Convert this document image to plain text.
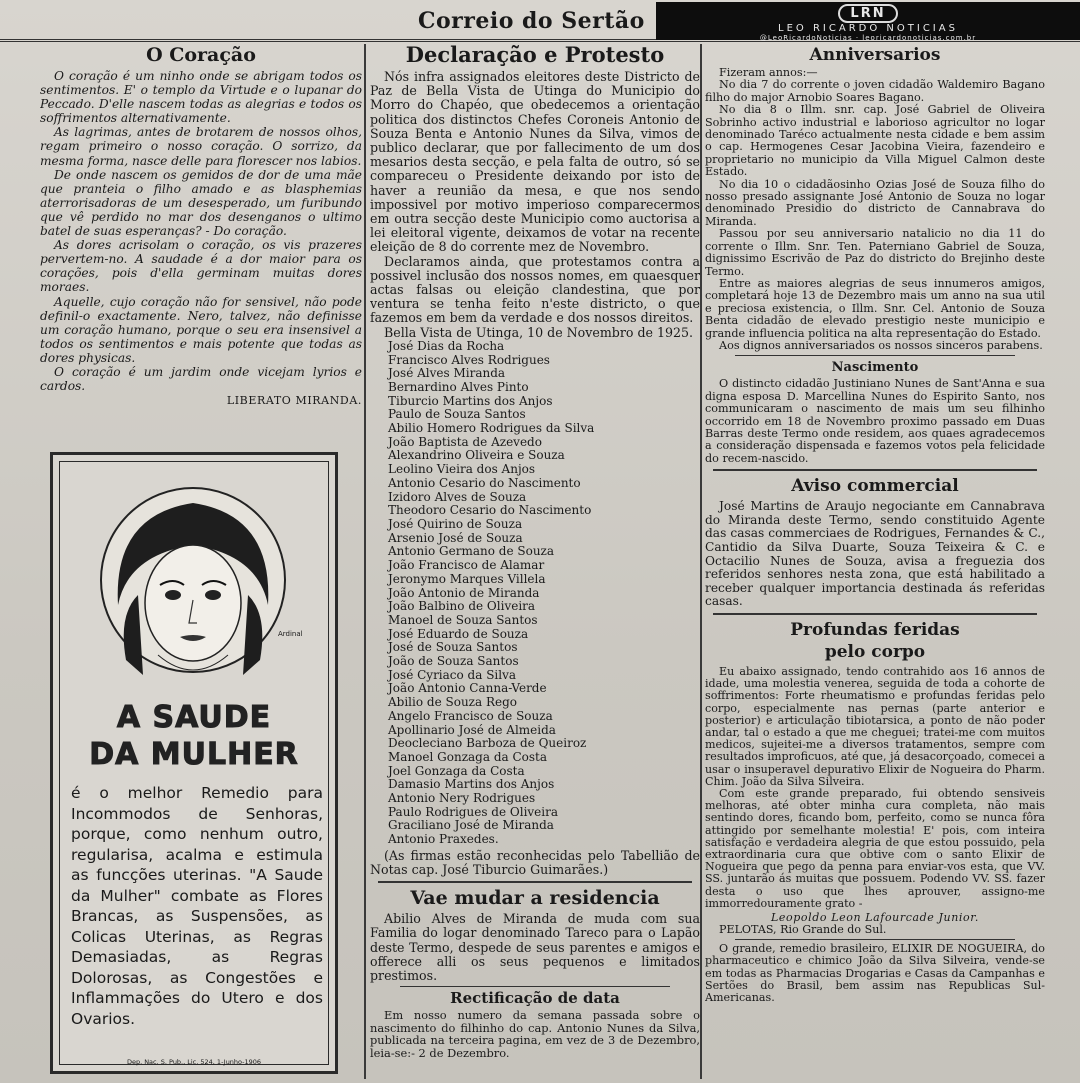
Correio do Sertão	LRN
LEO RICARDO NOTICIAS
@LeoRicardoNoticias · leoricardonoticias.com.br
O Coração

O coração é um ninho onde se abrigam todos os sentimentos. E' o templo da Virtude e o lupanar do Peccado. D'elle nascem todas as alegrias e todos os soffrimentos alternativamente.

As lagrimas, antes de brotarem de nossos olhos, regam primeiro o nosso coração. O sorrizo, da mesma forma, nasce delle para florescer nos labios.

De onde nascem os gemidos de dor de uma mãe que pranteia o filho amado e as blasphemias aterrorisadoras de um desesperado, um furibundo que vê perdido no mar dos desenganos o ultimo batel de suas esperanças? - Do coração.

As dores acrisolam o coração, os vis prazeres pervertem-no. A saudade é a dor maior para os corações, pois d'ella germinam muitas dores moraes.

Aquelle, cujo coração não for sensivel, não pode definil-o exactamente. Nero, talvez, não definisse um coração humano, porque o seu era insensivel a todos os sentimentos e mais potente que todas as dores physicas.

O coração é um jardim onde vicejam lyrios e cardos.

LIBERATO MIRANDA.
Ardinal
A SAUDE
DA MULHER
é o melhor Remedio para Incommodos de Senhoras, porque, como nenhum outro, regularisa, acalma e estimula as funcções uterinas. "A Saude da Mulher" combate as Flores Brancas, as Suspensões, as Colicas Uterinas, as Regras Demasiadas, as Regras Dolorosas, as Congestões e Inflammações do Utero e dos Ovarios.
Dep. Nac. S. Pub., Lic. 524, 1-Junho-1906
Declaração e Protesto

Nós infra assignados eleitores deste Districto de Paz de Bella Vista de Utinga do Municipio do Morro do Chapéo, que obedecemos a orientação politica dos distinctos Chefes Coroneis Antonio de Souza Benta e Antonio Nunes da Silva, vimos de publico declarar, que por fallecimento de um dos mesarios desta secção, e pela falta de outro, só se compareceu o Presidente deixando por isto de haver a reunião da mesa, e que nos sendo impossivel por motivo imperioso comparecermos em outra secção deste Municipio como auctorisa a lei eleitoral vigente, deixamos de votar na recente eleição de 8 do corrente mez de Novembro.

Declaramos ainda, que protestamos contra a possivel inclusão dos nossos nomes, em quaesquer actas falsas ou eleição clandestina, que por ventura se tenha feito n'este districto, o que fazemos em bem da verdade e dos nossos direitos.

Bella Vista de Utinga, 10 de Novembro de 1925.

José Dias da Rocha
Francisco Alves Rodrigues
José Alves Miranda
Bernardino Alves Pinto
Tiburcio Martins dos Anjos
Paulo de Souza Santos
Abilio Homero Rodrigues da Silva
João Baptista de Azevedo
Alexandrino Oliveira e Souza
Leolino Vieira dos Anjos
Antonio Cesario do Nascimento
Izidoro Alves de Souza
Theodoro Cesario do Nascimento
José Quirino de Souza
Arsenio José de Souza
Antonio Germano de Souza
João Francisco de Alamar
Jeronymo Marques Villela
João Antonio de Miranda
João Balbino de Oliveira
Manoel de Souza Santos
José Eduardo de Souza
José de Souza Santos
João de Souza Santos
José Cyriaco da Silva
João Antonio Canna-Verde
Abilio de Souza Rego
Angelo Francisco de Souza
Apollinario José de Almeida
Deocleciano Barboza de Queiroz
Manoel Gonzaga da Costa
Joel Gonzaga da Costa
Damasio Martins dos Anjos
Antonio Nery Rodrigues
Paulo Rodrigues de Oliveira
Graciliano José de Miranda
Antonio Praxedes.

(As firmas estão reconhecidas pelo Tabellião de Notas cap. José Tiburcio Guimarães.)

Vae mudar a residencia

Abilio Alves de Miranda de muda com sua Familia do logar denominado Tareco para o Lapão deste Termo, despede de seus parentes e amigos e offerece alli os seus pequenos e limitados prestimos.

Rectificação de data

Em nosso numero da semana passada sobre o nascimento do filhinho do cap. Antonio Nunes da Silva, publicada na terceira pagina, em vez de 3 de Dezembro, leia-se:- 2 de Dezembro.

Anniversarios

Fizeram annos:—

No dia 7 do corrente o joven cidadão Waldemiro Bagano filho do major Arnobio Soares Bagano.

No dia 8 o Illm. snr. cap. José Gabriel de Oliveira Sobrinho activo industrial e laborioso agricultor no logar denominado Taréco actualmente nesta cidade e bem assim o cap. Hermogenes Cesar Jacobina Vieira, fazendeiro e proprietario no municipio da Villa Miguel Calmon deste Estado.

No dia 10 o cidadãosinho Ozias José de Souza filho do nosso presado assignante José Antonio de Souza no logar denominado Presidio do districto de Cannabrava do Miranda.

Passou por seu anniversario natalicio no dia 11 do corrente o Illm. Snr. Ten. Paterniano Gabriel de Souza, dignissimo Escrivão de Paz do districto do Brejinho deste Termo.

Entre as maiores alegrias de seus innumeros amigos, completará hoje 13 de Dezembro mais um anno na sua util e preciosa existencia, o Illm. Snr. Cel. Antonio de Souza Benta cidadão de elevado prestigio neste municipio e grande influencia politica na alta representação do Estado.

Aos dignos anniversariados os nossos sinceros parabens.

Nascimento

O distincto cidadão Justiniano Nunes de Sant'Anna e sua digna esposa D. Marcellina Nunes do Espirito Santo, nos communicaram o nascimento de mais um seu filhinho occorrido em 18 de Novembro proximo passado em Duas Barras deste Termo onde residem, aos quaes agradecemos a consideração dispensada e fazemos votos pela felicidade do recem-nascido.

Aviso commercial

José Martins de Araujo negociante em Cannabrava do Miranda deste Termo, sendo constituido Agente das casas commerciaes de Rodrigues, Fernandes & C., Cantidio da Silva Duarte, Souza Teixeira & C. e Octacilio Nunes de Souza, avisa a freguezia dos referidos senhores nesta zona, que está habilitado a receber qualquer importancia destinada ás referidas casas.

Profundas feridas
pelo corpo

Eu abaixo assignado, tendo contrahido aos 16 annos de idade, uma molestia venerea, seguida de toda a cohorte de soffrimentos: Forte rheumatismo e profundas feridas pelo corpo, especialmente nas pernas (parte anterior e posterior) e articulação tibiotarsica, a ponto de não poder andar, tal o estado a que me cheguei; tratei-me com muitos medicos, sujeitei-me a diversos tratamentos, sempre com resultados improficuos, até que, já desacorçoado, comecei a usar o insuperavel depurativo Elixir de Nogueira do Pharm. Chim. João da Silva Silveira.

Com este grande preparado, fui obtendo sensiveis melhoras, até obter minha cura completa, não mais sentindo dores, ficando bom, perfeito, como se nunca fôra attingido por semelhante molestia! E' pois, com inteira satisfação e verdadeira alegria de que estou possuido, pela extraordinaria cura que obtive com o santo Elixir de Nogueira que pego da penna para enviar-vos esta, que VV. SS. juntarão ás muitas que possuem. Podendo VV. SS. fazer desta o uso que lhes aprouver, assigno-me immorredouramente grato -

Leopoldo Leon Lafourcade Junior.

PELOTAS, Rio Grande do Sul.

O grande, remedio brasileiro, ELIXIR DE NOGUEIRA, do pharmaceutico e chimico João da Silva Silveira, vende-se em todas as Pharmacias Drogarias e Casas da Campanhas e Sertões do Brasil, bem assim nas Republicas Sul-Americanas.
